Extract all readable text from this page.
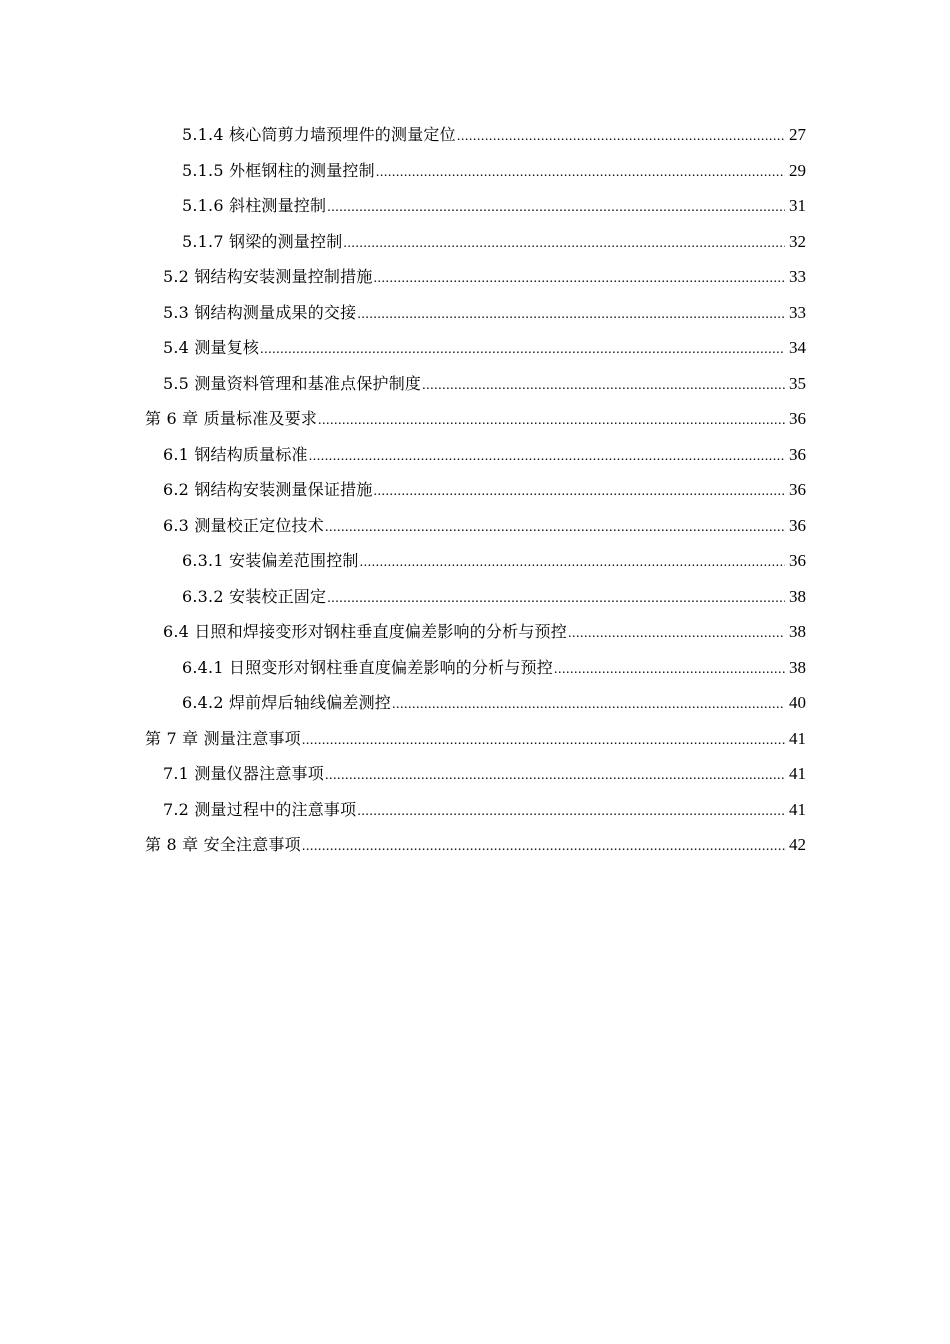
5.1.4 核心筒剪力墙预埋件的测量定位 .....	27
5.1.5 外框钢柱的测量控制 .....	29
5.1.6 斜柱测量控制 .....	31
5.1.7 钢梁的测量控制 .....	32
5.2 钢结构安装测量控制措施 .....	33
5.3 钢结构测量成果的交接 .....	33
5.4 测量复核 .....	34
5.5 测量资料管理和基准点保护制度 .....	35
第 6 章 质量标准及要求 .....	36
6.1 钢结构质量标准 .....	36
6.2 钢结构安装测量保证措施 .....	36
6.3 测量校正定位技术 .....	36
6.3.1 安装偏差范围控制 .....	36
6.3.2 安装校正固定 .....	38
6.4 日照和焊接变形对钢柱垂直度偏差影响的分析与预控 .....	38
6.4.1 日照变形对钢柱垂直度偏差影响的分析与预控 .....	38
6.4.2 焊前焊后轴线偏差测控 .....	40
第 7 章 测量注意事项 .....	41
7.1 测量仪器注意事项 .....	41
7.2 测量过程中的注意事项 .....	41
第 8 章 安全注意事项 .....	42
